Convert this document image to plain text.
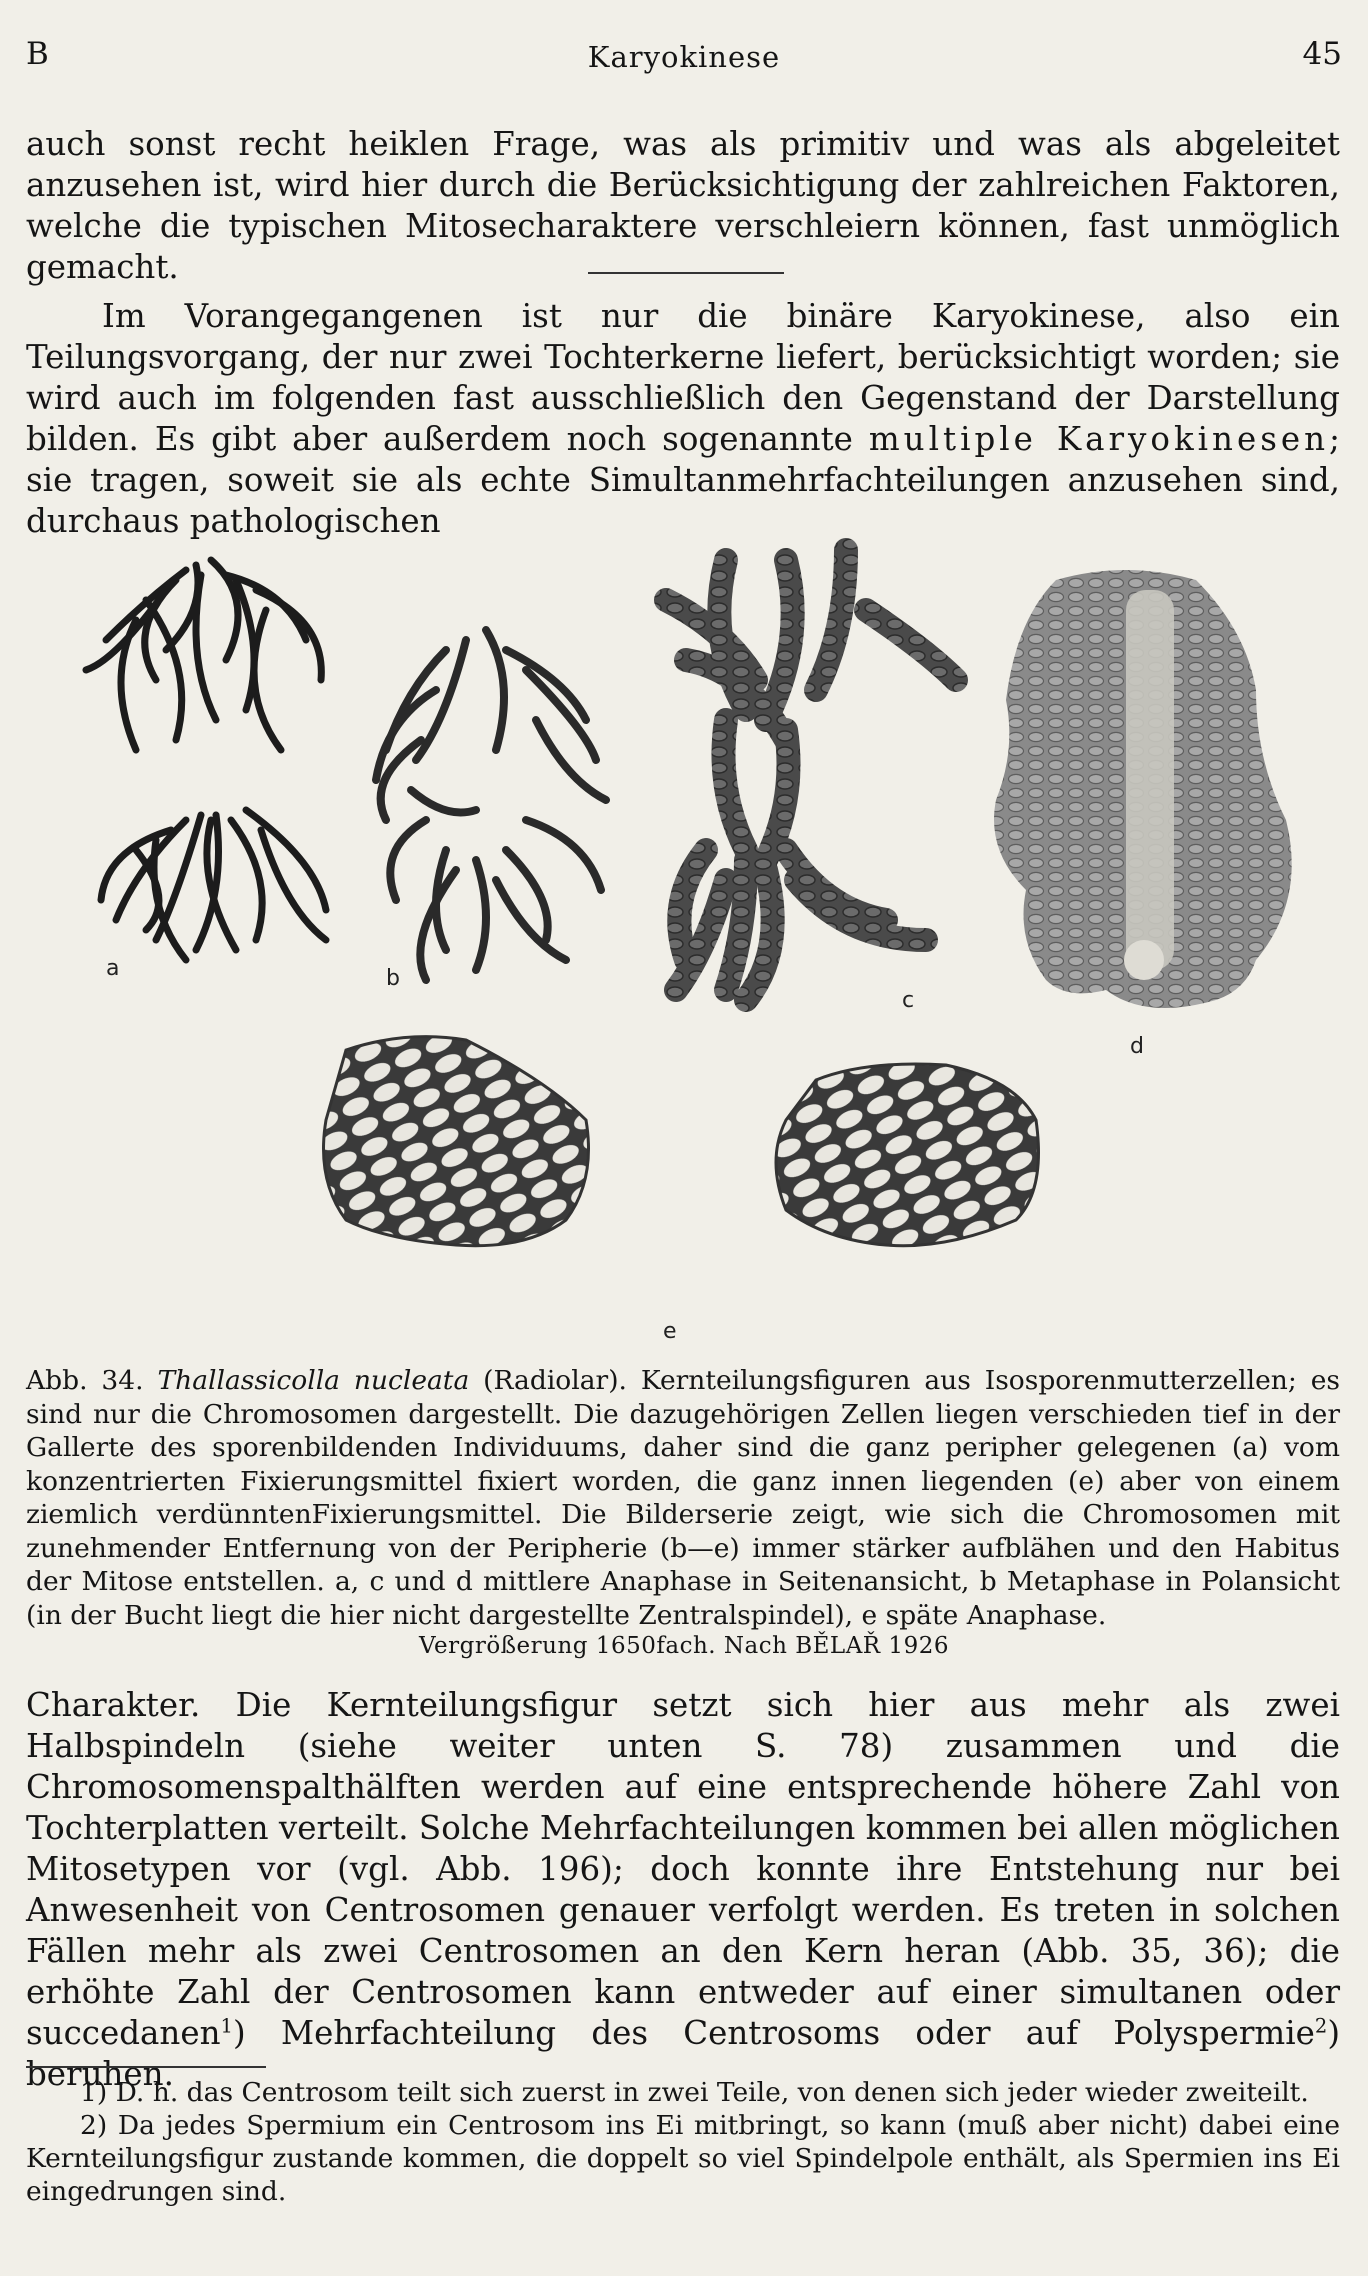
B	Karyokinese	45

auch sonst recht heiklen Frage, was als primitiv und was als abgeleitet anzusehen ist, wird hier durch die Berücksichtigung der zahlreichen Faktoren, welche die typischen Mitosecharaktere verschleiern können, fast unmöglich gemacht.

Im Vorangegangenen ist nur die binäre Karyokinese, also ein Teilungsvorgang, der nur zwei Tochterkerne liefert, berücksichtigt worden; sie wird auch im folgenden fast ausschließlich den Gegenstand der Darstellung bilden. Es gibt aber außerdem noch sogenannte multiple Karyokinesen; sie tragen, soweit sie als echte Simultanmehrfachteilungen anzusehen sind, durchaus pathologischen

a	b
c
d
e

Abb. 34. Thallassicolla nucleata (Radiolar). Kernteilungsfiguren aus Isosporenmutterzellen; es sind nur die Chromosomen dargestellt. Die dazugehörigen Zellen liegen verschieden tief in der Gallerte des sporenbildenden Individuums, daher sind die ganz peripher gelegenen (a) vom konzentrierten Fixierungsmittel fixiert worden, die ganz innen liegenden (e) aber von einem ziemlich verdünntenFixierungsmittel. Die Bilderserie zeigt, wie sich die Chromosomen mit zunehmender Entfernung von der Peripherie (b—e) immer stärker aufblähen und den Habitus der Mitose entstellen. a, c und d mittlere Anaphase in Seitenansicht, b Metaphase in Polansicht (in der Bucht liegt die hier nicht dargestellte Zentralspindel), e späte Anaphase.

Vergrößerung 1650fach. Nach BĚLAŘ 1926

Charakter. Die Kernteilungsfigur setzt sich hier aus mehr als zwei Halbspindeln (siehe weiter unten S. 78) zusammen und die Chromosomenspalthälften werden auf eine entsprechende höhere Zahl von Tochterplatten verteilt. Solche Mehrfachteilungen kommen bei allen möglichen Mitosetypen vor (vgl. Abb. 196); doch konnte ihre Entstehung nur bei Anwesenheit von Centrosomen genauer verfolgt werden. Es treten in solchen Fällen mehr als zwei Centrosomen an den Kern heran (Abb. 35, 36); die erhöhte Zahl der Centrosomen kann entweder auf einer simultanen oder succedanen$^1$) Mehrfachteilung des Centrosoms oder auf Polyspermie$^2$) beruhen.

1) D. h. das Centrosom teilt sich zuerst in zwei Teile, von denen sich jeder wieder zweiteilt.

2) Da jedes Spermium ein Centrosom ins Ei mitbringt, so kann (muß aber nicht) dabei eine Kernteilungsfigur zustande kommen, die doppelt so viel Spindelpole enthält, als Spermien ins Ei eingedrungen sind.
